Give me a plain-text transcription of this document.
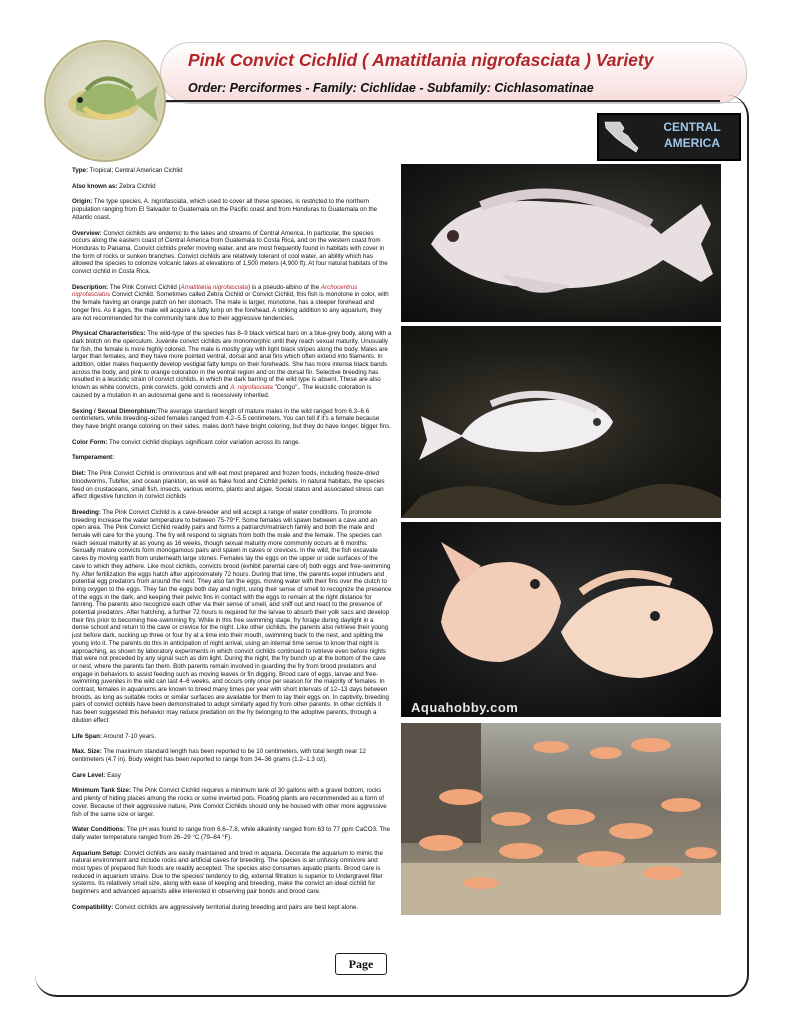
Pink Convict Cichlid ( Amatitlania nigrofasciata ) Variety
Order: Perciformes - Family: Cichlidae - Subfamily: Cichlasomatinae
CENTRAL
AMERICA

Type: Tropical; Central American Cichlid

Also known as: Zebra Cichlid

Origin: The type species, A. nigrofasciata, which used to cover all these species, is restricted to the northern population ranging from El Salvador to Guatemala on the Pacific coast and from Honduras to Guatemala on the Atlantic coast.

Overview: Convict cichlids are endemic to the lakes and streams of Central America. In particular, the species occurs along the eastern coast of Central America from Guatemala to Costa Rica, and on the western coast from Honduras to Panama. Convict cichlids prefer moving water, and are most frequently found in habitats with cover in the form of rocks or sunken branches. Convict cichlids are relatively tolerant of cool water, an ability which has allowed the species to colonize volcanic lakes at elevations of 1,500 meters (4,900 ft). At four natural habitats of the convict cichlid in Costa Rica.

Description: The Pink Convict Cichlid (Amatitlania nigrofasciata) is a pseudo-albino of the Archocentrus nigrofasciatus Convict Cichlid. Sometimes called Zebra Cichlid or Convict Cichlid, this fish is monotone in color, with the female having an orange patch on her stomach. The male is larger, monotone, has a steeper forehead and longer fins. As it ages, the male will acquire a fatty lump on the forehead. A striking addition to any aquarium, they are not recommended for the community tank due to their aggressive tendencies.

Physical Characteristics: The wild-type of the species has 8–9 black vertical bars on a blue-grey body, along with a dark blotch on the operculum. Juvenile convict cichlids are monomorphic until they reach sexual maturity. Unusually for fish, the female is more highly colored. The male is mostly gray with light black stripes along the body. Males are larger than females, and they have more pointed ventral, dorsal and anal fins which often extend into filaments. In addition, older males frequently develop vestigial fatty lumps on their foreheads. She has more intense black bands across the body, and pink to orange coloration in the ventral region and on the dorsal fin. Selective breeding has resulted in a leucistic strain of convict cichlids, in which the dark barring of the wild type is absent. These are also known as white convicts, pink convicts, gold convicts and A. nigrofasciata "Congo".. The leucistic coloration is caused by a mutation in an autosomal gene and is recessively inherited.

Sexing / Sexual Dimorphism:The average standard length of mature males in the wild ranged from 6.3–6.6 centimeters, while breeding–sized females ranged from 4.2–5.5 centimeters. You can tell if it's a female because they have bright orange coloring on their sides. males don't have bright coloring, but they do have longer, bigger fins.

Color Form: The convict cichlid displays significant color variation across its range.

Temperament:

Diet: The Pink Convict Cichlid is omnivorous and will eat most prepared and frozen foods, including freeze-dried bloodworms, Tubifex, and ocean plankton, as well as flake food and Cichlid pellets. In natural habitats, the species feed on crustaceans, small fish, insects, various worms, plants and algae. Social status and associated stress can affect digestive function in convict cichlids

Breeding: The Pink Convict Cichlid is a cave-breeder and will accept a range of water conditions. To promote breeding increase the water temperature to between 75-79°F. Some females will spawn between a cave and an open area. The Pink Convict Cichlid readily pairs and forms a patriarch/matriarch family and both the male and female will care for the young. The fry will respond to signals from both the male and the female. The species can reach sexual maturity at as young as 16 weeks, though sexual maturity more commonly occurs at 6 months. Sexually mature convicts form monogamous pairs and spawn in caves or crevices. In the wild, the fish excavate caves by moving earth from underneath large stones. Females lay the eggs on the upper or side surfaces of the cave to which they adhere. Like most cichlids, convicts brood (exhibit parental care of) both eggs and free-swimming fry. After fertilization the eggs hatch after approximately 72 hours. During that time, the parents expel intruders and potential egg predators from around the nest. They also fan the eggs, moving water with their fins over the clutch to bring oxygen to the eggs. They fan the eggs both day and night, using their sense of smell to recognize the presence of the eggs in the dark, and keeping their pelvic fins in contact with the eggs to remain at the right distance for fanning. The parents also recognize each other via their sense of smell, and sniff out and react to the presence of potential predators. After hatching, a further 72 hours is required for the larvae to absorb their yolk sacs and develop their fins prior to becoming free-swimming fry. While in this free swimming stage, fry forage during daylight in a dense school and return to the cave or crevice for the night. Like other cichlids, the parents also retrieve their young just before dark, sucking up three or four fry at a time into their mouth, swimming back to the nest, and spitting the young into it. The parents do this in anticipation of night arrival, using an internal time sense to know that night is approaching, as shown by laboratory experiments in which convict cichlids continued to retrieve even before nights that were not preceded by any signal such as dim light. During the night, the fry bunch up at the bottom of the cave or nest, where the parents fan them. Both parents remain involved in guarding the fry from brood predators and engage in behaviors to assist feeding such as moving leaves or fin digging. Brood care of eggs, larvae and free-swimming juveniles in the wild can last 4–6 weeks, and occurs only once per season for the majority of females. In contrast, females in aquariums are known to breed many times per year with short intervals of 12–13 days between broods, as long as suitable rocks or similar surfaces are available for them to lay their eggs on. In captivity, breeding pairs of convict cichlids have been demonstrated to adopt similarly aged fry from other parents. In other cichlids it has been suggested this behavior may reduce predation on the fry belonging to the adoptive parents, through a dilution effect

Life Span: Around 7-10 years.

Max. Size: The maximum standard length has been reported to be 10 centimeters, with total length near 12 centimeters (4.7 in). Body weight has been reported to range from 34–36 grams (1.2–1.3 oz).

Care Level: Easy

Minimum Tank Size: The Pink Convict Cichlid requires a minimum tank of 30 gallons with a gravel bottom, rocks and plenty of hiding places among the rocks or some inverted pots. Floating plants are recommended as a form of cover. Because of their aggressive nature, Pink Convict Cichlids should only be housed with other more aggressive fish of the same size or larger.

Water Conditions: The pH was found to range from 6.6–7.8, while alkalinity ranged from 63 to 77 ppm CaCO3. The daily water temperature ranged from 26–29 °C (79–84 °F).

Aquarium Setup: Convict cichlids are easily maintained and bred in aquaria. Decorate the aquarium to mimic the natural environment and include rocks and artificial caves for breeding. The species is an unfussy omnivore and most types of prepared fish foods are readily accepted. The species also consumes aquatic plants. Brood care is reduced in aquarium strains. Due to the species' tendency to dig, external filtration is superior to Undergravel filter systems. Its relatively small size, along with ease of keeping and breeding, make the convict an ideal cichlid for beginners and advanced aquarists alike interested in observing pair bonds and brood care.

Compatibility: Convict cichlids are aggressively territorial during breeding and pairs are best kept alone.

Aquahobby.com
Page
